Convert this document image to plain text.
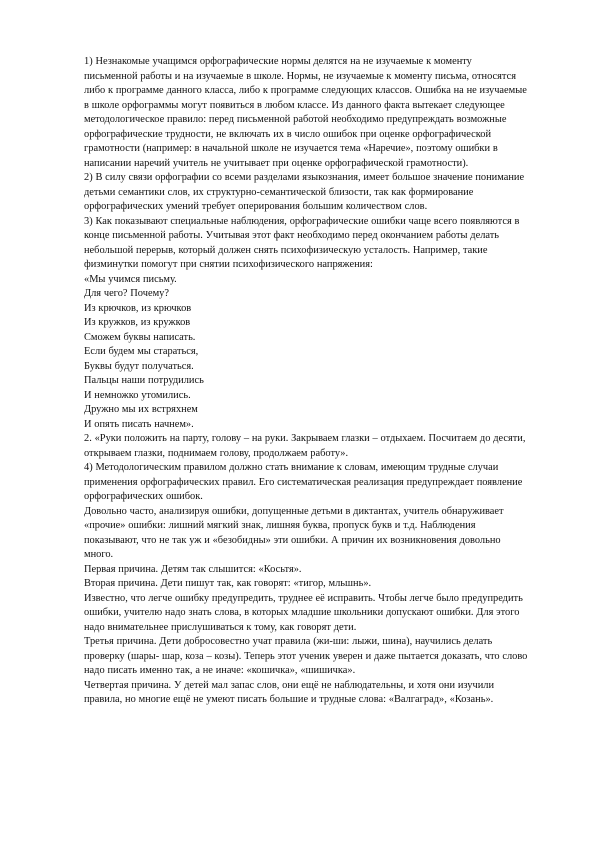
1) Незнакомые учащимся орфографические нормы делятся на не изучаемые к моменту письменной работы и на изучаемые в школе. Нормы, не изучаемые к моменту письма, относятся либо к программе данного класса, либо к программе следующих классов. Ошибка на не изучаемые в школе орфограммы могут появиться в любом классе. Из данного факта вытекает следующее методологическое правило: перед письменной работой необходимо предупреждать возможные орфографические трудности, не включать их в число ошибок при оценке орфографической грамотности (например: в начальной школе не изучается тема «Наречие», поэтому ошибки в написании наречий учитель не учитывает при оценке орфографической грамотности).

2) В силу связи орфографии со всеми разделами языкознания, имеет большое значение понимание детьми семантики слов, их структурно-семантической близости, так как формирование орфографических умений требует оперирования большим количеством слов.

3) Как показывают специальные наблюдения, орфографические ошибки чаще всего появляются в конце письменной работы. Учитывая этот факт необходимо перед окончанием работы делать небольшой перерыв, который должен снять психофизическую усталость. Например, такие физминутки помогут при снятии психофизического напряжения:

«Мы учимся письму.

Для чего? Почему?

Из крючков, из крючков

Из кружков, из кружков

Сможем буквы написать.

Если будем мы стараться,

Буквы будут получаться.

Пальцы наши потрудились

И немножко утомились.

Дружно мы их встряхнем

И опять писать начнем».

2. «Руки положить на парту, голову – на руки. Закрываем глазки – отдыхаем. Посчитаем до десяти, открываем глазки, поднимаем голову, продолжаем работу».

4) Методологическим правилом должно стать внимание к словам, имеющим трудные случаи применения орфографических правил. Его систематическая реализация предупреждает появление орфографических ошибок.

Довольно часто, анализируя ошибки, допущенные детьми в диктантах, учитель обнаруживает «прочие» ошибки: лишний мягкий знак, лишняя буква, пропуск букв и т.д. Наблюдения показывают, что не так уж и «безобидны» эти ошибки. А причин их возникновения довольно много.

Первая причина. Детям так слышится: «Косьтя».

Вторая причина. Дети пишут так, как говорят: «тигор, мльшнь».

Известно, что легче ошибку предупредить, труднее её исправить. Чтобы легче было предупредить ошибки, учителю надо знать слова, в которых младшие школьники допускают ошибки. Для этого надо внимательнее прислушиваться к тому, как говорят дети.

Третья причина. Дети добросовестно учат правила (жи-ши: лыжи, шина), научились делать проверку (шары- шар, коза – козы). Теперь этот ученик уверен и даже пытается доказать, что слово надо писать именно так, а не иначе: «кошичка», «шишичка».

Четвертая причина. У детей мал запас слов, они ещё не наблюдательны, и хотя они изучили правила, но многие ещё не умеют писать большие и трудные слова: «Валгаград», «Козань».
